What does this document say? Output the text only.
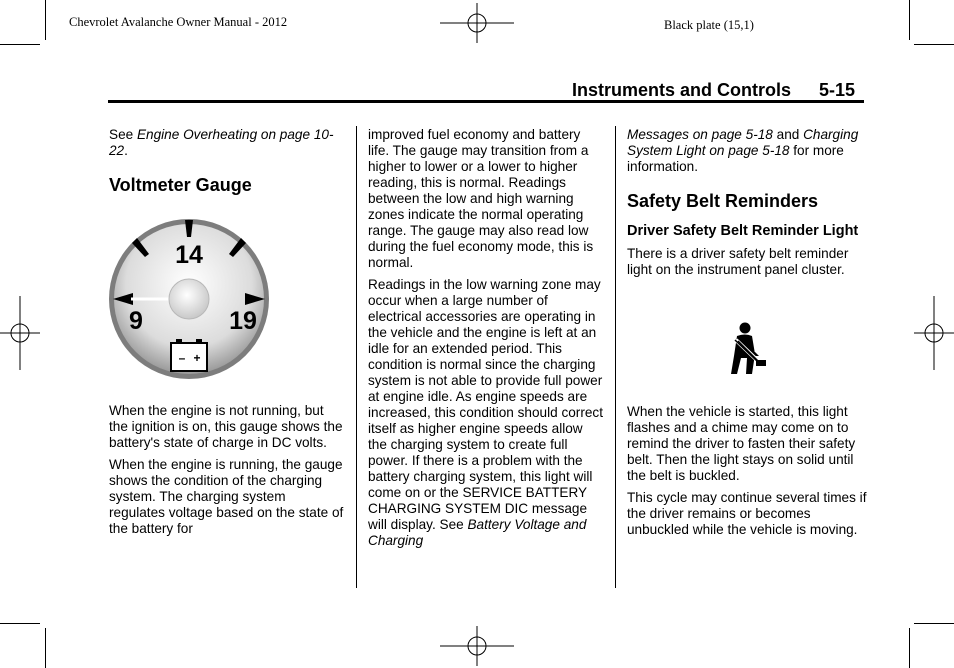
Chevrolet Avalanche Owner Manual - 2012	Black plate (15,1)
Instruments and Controls 5-15

See Engine Overheating on page 10-22.

Voltmeter Gauge
14
9	19
– +

When the engine is not running, but the ignition is on, this gauge shows the battery's state of charge in DC volts.

When the engine is running, the gauge shows the condition of the charging system. The charging system regulates voltage based on the state of the battery for

improved fuel economy and battery life. The gauge may transition from a higher to lower or a lower to higher reading, this is normal. Readings between the low and high warning zones indicate the normal operating range. The gauge may also read low during the fuel economy mode, this is normal.

Readings in the low warning zone may occur when a large number of electrical accessories are operating in the vehicle and the engine is left at an idle for an extended period. This condition is normal since the charging system is not able to provide full power at engine idle. As engine speeds are increased, this condition should correct itself as higher engine speeds allow the charging system to create full power. If there is a problem with the battery charging system, this light will come on or the SERVICE BATTERY CHARGING SYSTEM DIC message will display. See Battery Voltage and Charging

Messages on page 5-18 and Charging System Light on page 5-18 for more information.

Safety Belt Reminders
Driver Safety Belt Reminder Light

There is a driver safety belt reminder light on the instrument panel cluster.

When the vehicle is started, this light flashes and a chime may come on to remind the driver to fasten their safety belt. Then the light stays on solid until the belt is buckled.

This cycle may continue several times if the driver remains or becomes unbuckled while the vehicle is moving.
